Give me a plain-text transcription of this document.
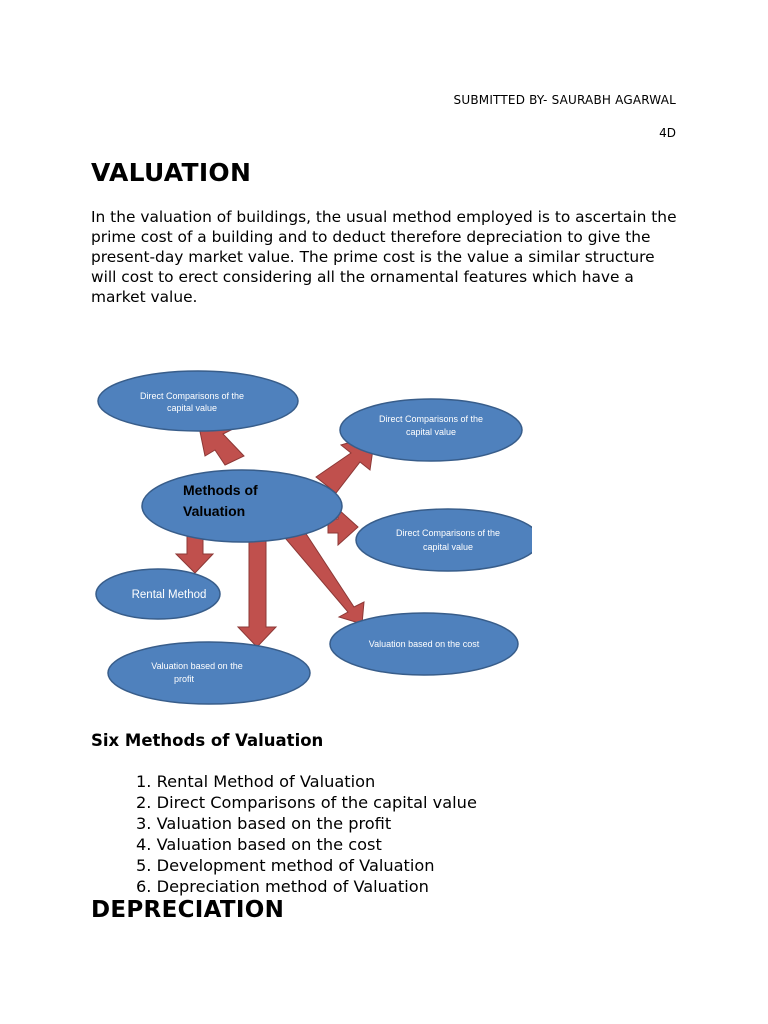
SUBMITTED BY- SAURABH AGARWAL
4D
VALUATION

In the valuation of buildings, the usual method employed is to ascertain the prime cost of a building and to deduct therefore depreciation to give the present-day market value. The prime cost is the value a similar structure will cost to erect considering all the ornamental features which have a market value.

Methods of
Valuation
Direct Comparisons of the
capital value
Direct Comparisons of the
capital value
Direct Comparisons of the
capital value
Rental Method
Valuation based on the cost
Valuation based on the
profit
Six Methods of Valuation
1. Rental Method of Valuation
2. Direct Comparisons of the capital value
3. Valuation based on the profit
4. Valuation based on the cost
5. Development method of Valuation
6. Depreciation method of Valuation
DEPRECIATION
